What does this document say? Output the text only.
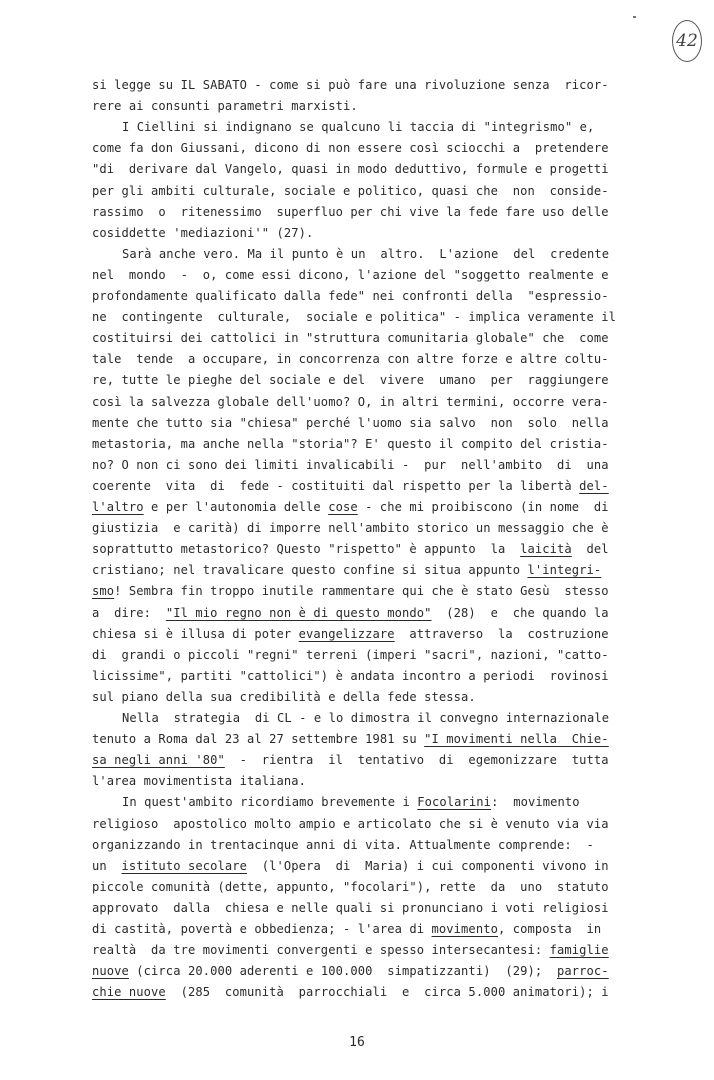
42
si legge su IL SABATO - come si può fare una rivoluzione senza  ricor-
rere ai consunti parametri marxisti.
I Ciellini si indignano se qualcuno li taccia di "integrismo" e,
come fa don Giussani, dicono di non essere così sciocchi a  pretendere
"di  derivare dal Vangelo, quasi in modo deduttivo, formule e progetti
per gli ambiti culturale, sociale e politico, quasi che  non  conside-
rassimo  o  ritenessimo  superfluo per chi vive la fede fare uso delle
cosiddette 'mediazioni'" (27).
Sarà anche vero. Ma il punto è un  altro.  L'azione  del  credente
nel  mondo  -  o, come essi dicono, l'azione del "soggetto realmente e
profondamente qualificato dalla fede" nei confronti della  "espressio-
ne  contingente  culturale,  sociale e politica" - implica veramente il
costituirsi dei cattolici in "struttura comunitaria globale" che  come
tale  tende  a occupare, in concorrenza con altre forze e altre coltu-
re, tutte le pieghe del sociale e del  vivere  umano  per  raggiungere
così la salvezza globale dell'uomo? O, in altri termini, occorre vera-
mente che tutto sia "chiesa" perché l'uomo sia salvo  non  solo  nella
metastoria, ma anche nella "storia"? E' questo il compito del cristia-
no? O non ci sono dei limiti invalicabili -  pur  nell'ambito  di  una
coerente  vita  di  fede - costituiti dal rispetto per la libertà del-
l'altro e per l'autonomia delle cose - che mi proibiscono (in nome  di
giustizia  e carità) di imporre nell'ambito storico un messaggio che è
soprattutto metastorico? Questo "rispetto" è appunto  la  laicità  del
cristiano; nel travalicare questo confine si situa appunto l'integri-
smo! Sembra fin troppo inutile rammentare qui che è stato Gesù  stesso
a  dire:  "Il mio regno non è di questo mondo"  (28)  e  che quando la
chiesa si è illusa di poter evangelizzare  attraverso  la  costruzione
di  grandi o piccoli "regni" terreni (imperi "sacri", nazioni, "catto-
licissime", partiti "cattolici") è andata incontro a periodi  rovinosi
sul piano della sua credibilità e della fede stessa.
Nella  strategia  di CL - e lo dimostra il convegno internazionale
tenuto a Roma dal 23 al 27 settembre 1981 su "I movimenti nella  Chie-
sa negli anni '80"  -  rientra  il  tentativo  di  egemonizzare  tutta
l'area movimentista italiana.
In quest'ambito ricordiamo brevemente i Focolarini:  movimento
religioso  apostolico molto ampio e articolato che si è venuto via via
organizzando in trentacinque anni di vita. Attualmente comprende:  -
un  istituto secolare  (l'Opera  di  Maria) i cui componenti vivono in
piccole comunità (dette, appunto, "focolari"), rette  da  uno  statuto
approvato  dalla  chiesa e nelle quali si pronunciano i voti religiosi
di castità, povertà e obbedienza; - l'area di movimento, composta  in
realtà  da tre movimenti convergenti e spesso intersecantesi: famiglie
nuove (circa 20.000 aderenti e 100.000  simpatizzanti)  (29);  parroc-
chie nuove  (285  comunità  parrocchiali  e  circa 5.000 animatori); i
16
